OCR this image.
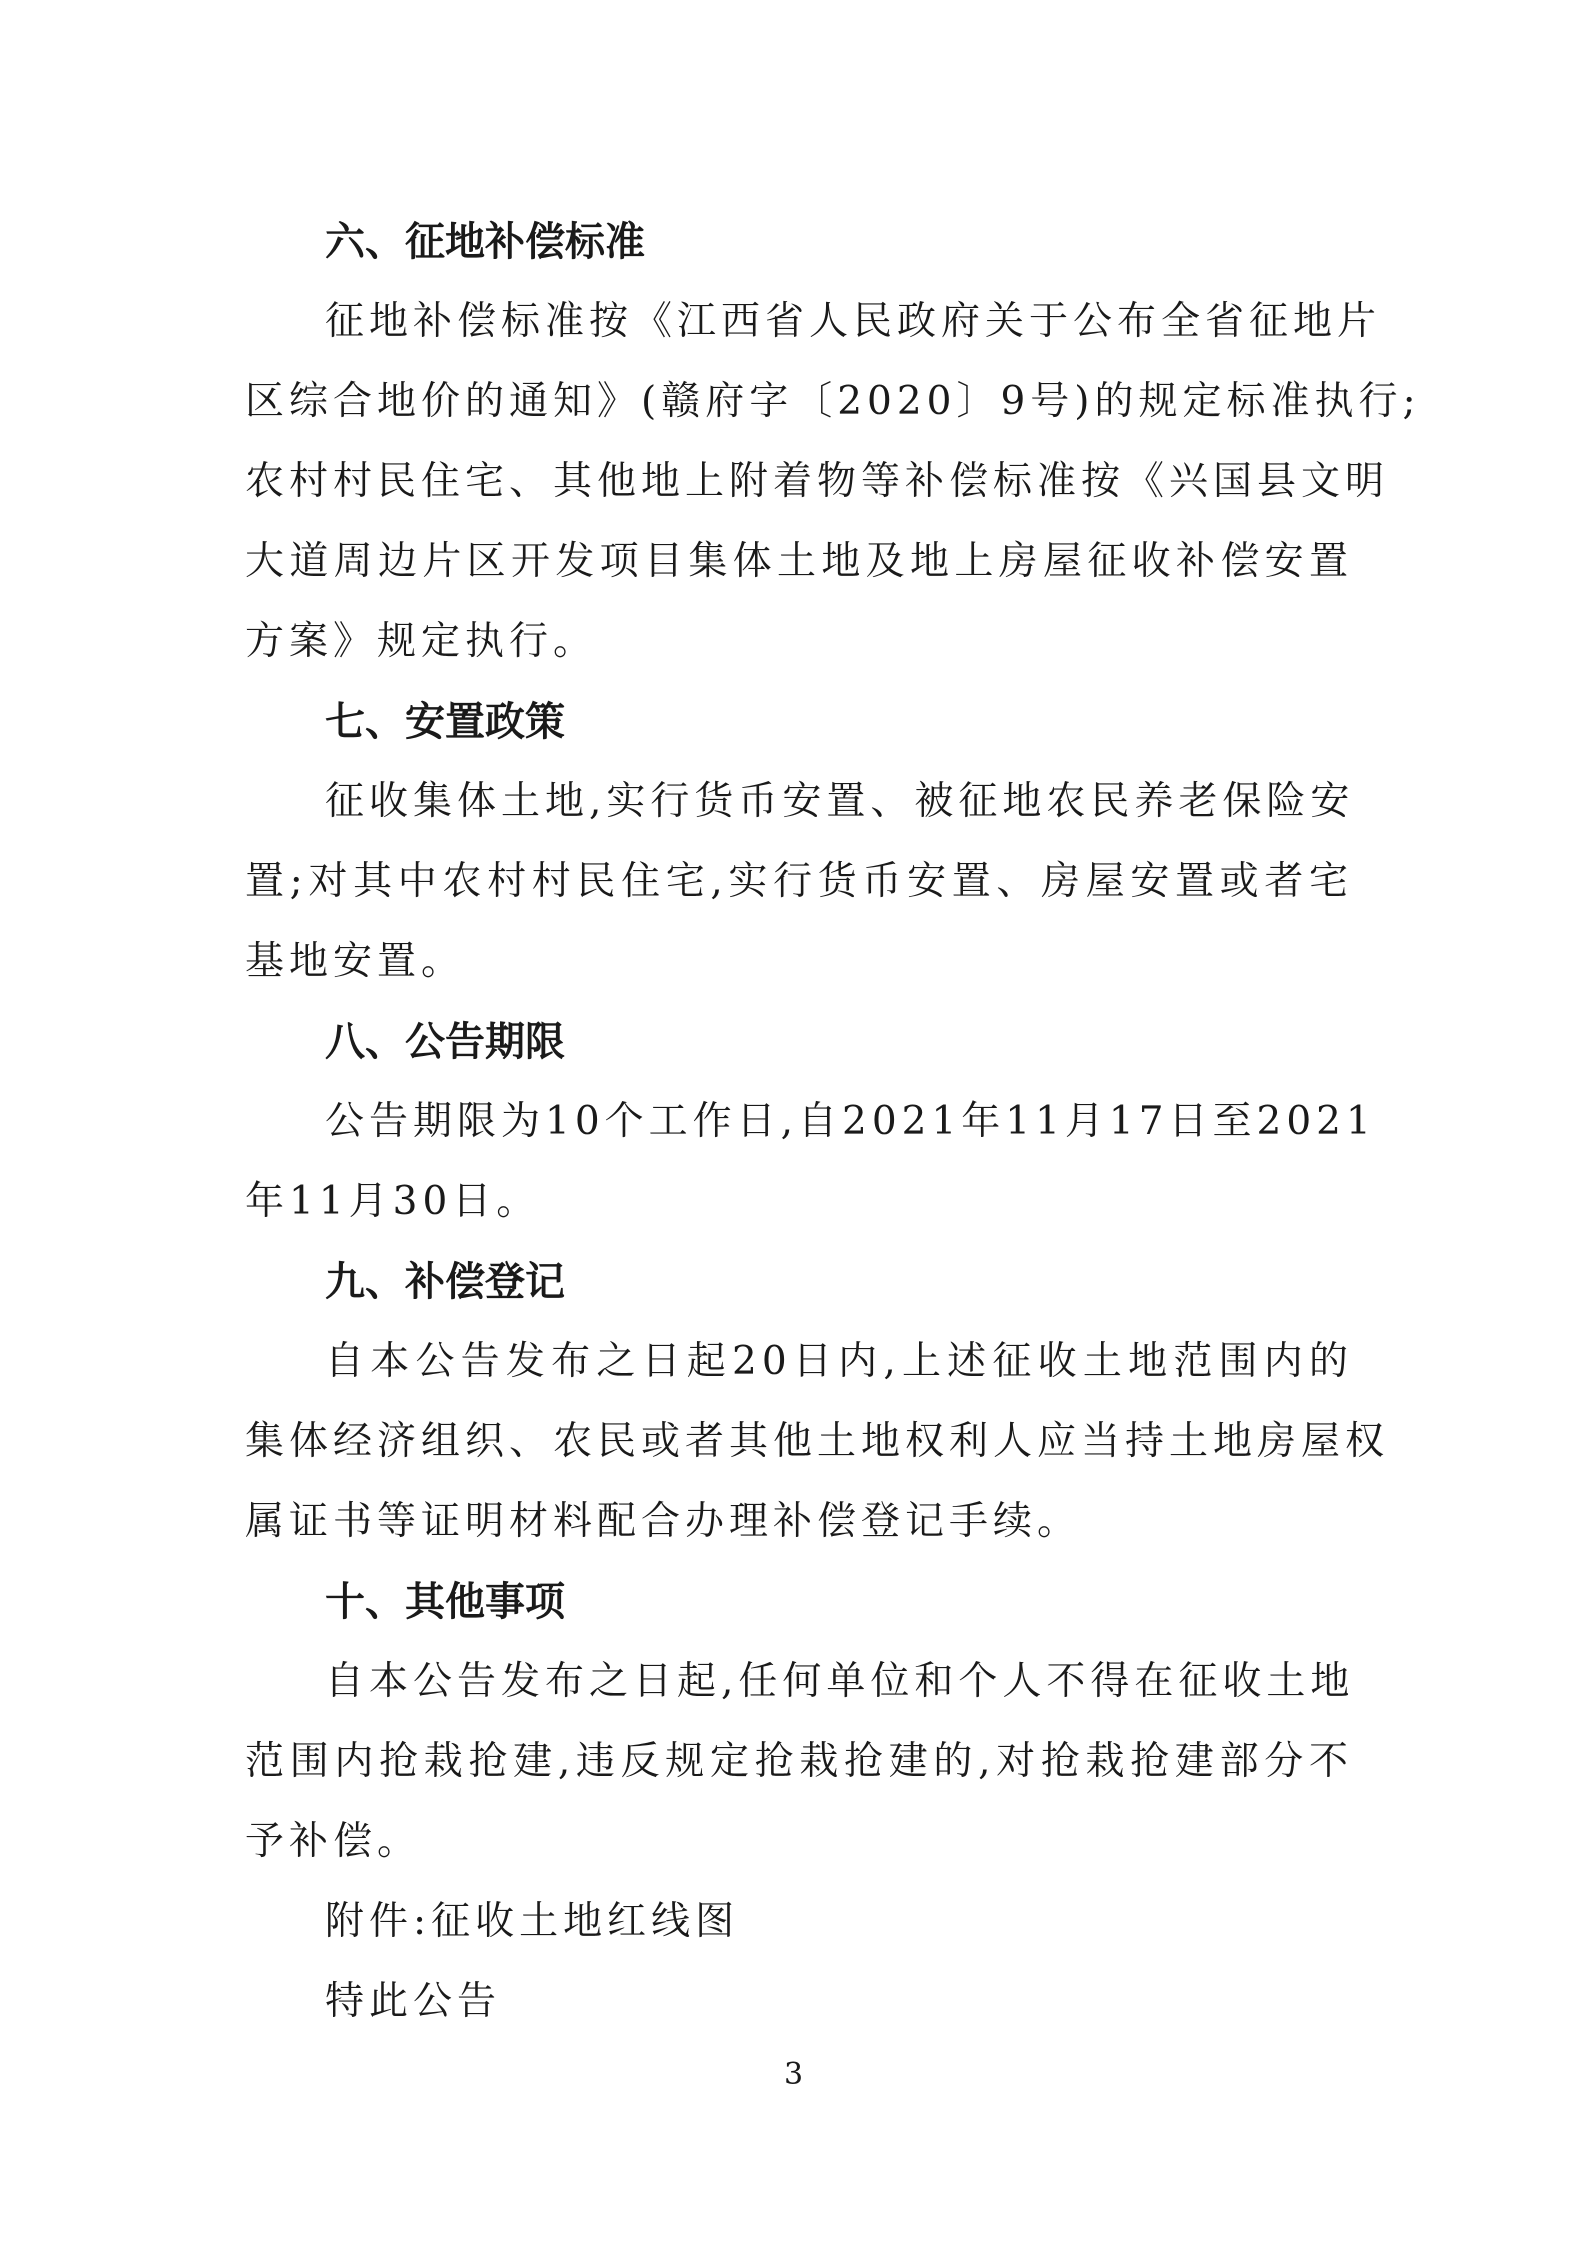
六、征地补偿标准

征地补偿标准按《江西省人民政府关于公布全省征地片
区综合地价的通知》(赣府字〔2020〕9号)的规定标准执行;
农村村民住宅、其他地上附着物等补偿标准按《兴国县文明
大道周边片区开发项目集体土地及地上房屋征收补偿安置
方案》规定执行。

七、安置政策

征收集体土地,实行货币安置、被征地农民养老保险安
置;对其中农村村民住宅,实行货币安置、房屋安置或者宅
基地安置。

八、公告期限

公告期限为10个工作日,自2021年11月17日至2021
年11月30日。

九、补偿登记

自本公告发布之日起20日内,上述征收土地范围内的
集体经济组织、农民或者其他土地权利人应当持土地房屋权
属证书等证明材料配合办理补偿登记手续。

十、其他事项

自本公告发布之日起,任何单位和个人不得在征收土地
范围内抢栽抢建,违反规定抢栽抢建的,对抢栽抢建部分不
予补偿。

附件:征收土地红线图
特此公告
3
